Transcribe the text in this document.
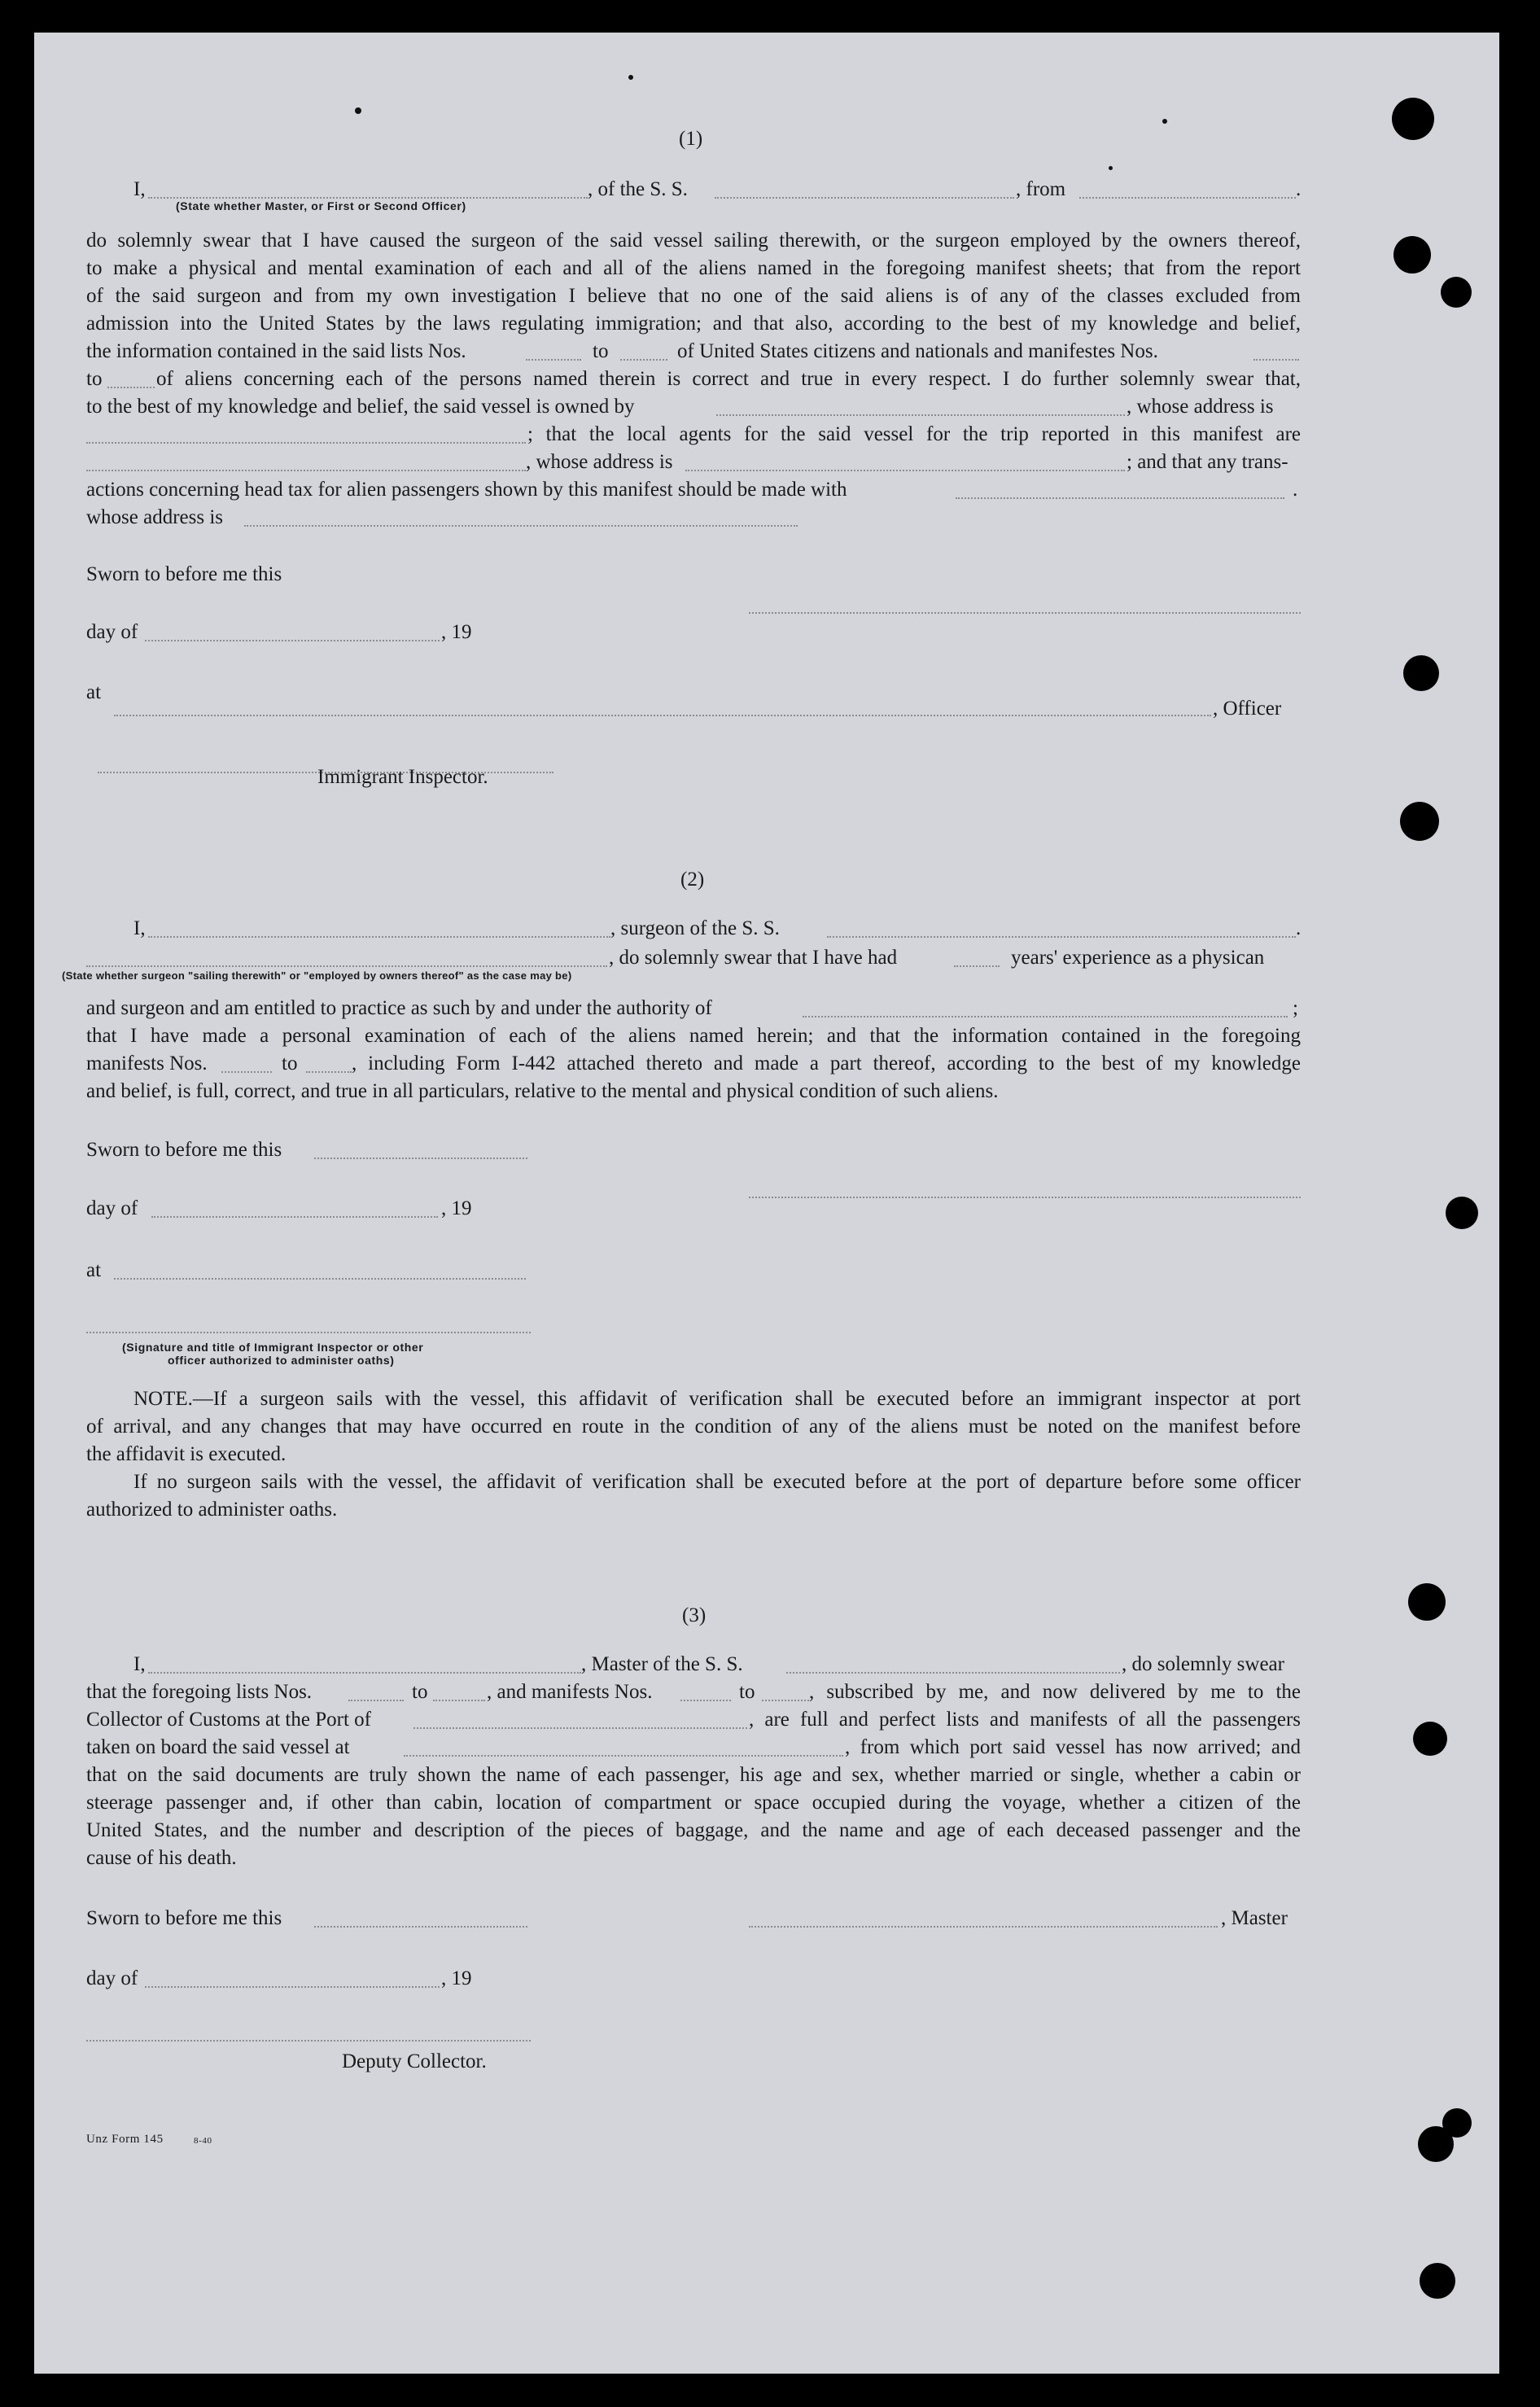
(1)
I,	, of the S. S.	, from	.
(State whether Master, or First or Second Officer)
do solemnly swear that I have caused the surgeon of the said vessel sailing therewith, or the surgeon employed by the owners thereof,
to make a physical and mental examination of each and all of the aliens named in the foregoing manifest sheets; that from the report
of the said surgeon and from my own investigation I believe that no one of the said aliens is of any of the classes excluded from
admission into the United States by the laws regulating immigration; and that also, according to the best of my knowledge and belief,
the information contained in the said lists Nos.	to	of United States citizens and nationals and manifestes Nos.
to	of aliens concerning each of the persons named therein is correct and true in every respect. I do further solemnly swear that,
to the best of my knowledge and belief, the said vessel is owned by	, whose address is
; that the local agents for the said vessel for the trip reported in this manifest are
, whose address is	; and that any trans-
actions concerning head tax for alien passengers shown by this manifest should be made with	.
whose address is
Sworn to before me this
day of	, 19
at
, Officer
Immigrant Inspector.
(2)
I,	, surgeon of the S. S.	.
, do solemnly swear that I have had	years' experience as a physican
(State whether surgeon "sailing therewith" or "employed by owners thereof" as the case may be)
and surgeon and am entitled to practice as such by and under the authority of	;
that I have made a personal examination of each of the aliens named herein; and that the information contained in the foregoing
manifests Nos.	to	, including Form I-442 attached thereto and made a part thereof, according to the best of my knowledge
and belief, is full, correct, and true in all particulars, relative to the mental and physical condition of such aliens.
Sworn to before me this
day of	, 19
at
(Signature and title of Immigrant Inspector or other
officer authorized to administer oaths)
NOTE.—If a surgeon sails with the vessel, this affidavit of verification shall be executed before an immigrant inspector at port
of arrival, and any changes that may have occurred en route in the condition of any of the aliens must be noted on the manifest before
the affidavit is executed.
If no surgeon sails with the vessel, the affidavit of verification shall be executed before at the port of departure before some officer
authorized to administer oaths.
(3)
I,	, Master of the S. S.	, do solemnly swear
that the foregoing lists Nos.	to	, and manifests Nos.	to	, subscribed by me, and now delivered by me to the
Collector of Customs at the Port of	, are full and perfect lists and manifests of all the passengers
taken on board the said vessel at	, from which port said vessel has now arrived; and
that on the said documents are truly shown the name of each passenger, his age and sex, whether married or single, whether a cabin or
steerage passenger and, if other than cabin, location of compartment or space occupied during the voyage, whether a citizen of the
United States, and the number and description of the pieces of baggage, and the name and age of each deceased passenger and the
cause of his death.
Sworn to before me this	, Master
day of	, 19
Deputy Collector.
Unz Form 145	8-40
